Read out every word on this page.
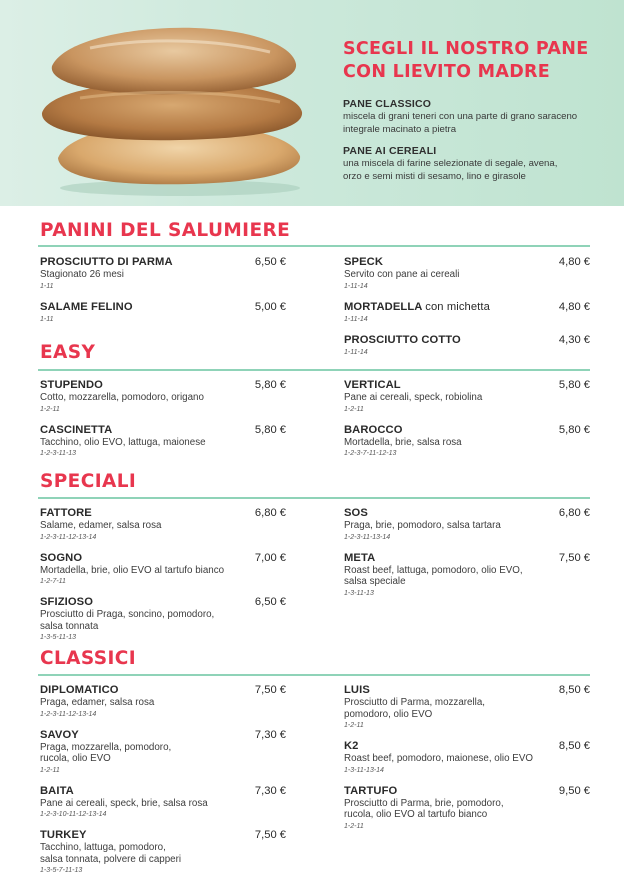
SCEGLI IL NOSTRO PANE
CON LIEVITO MADRE
PANE CLASSICO
miscela di grani teneri con una parte di grano saraceno
integrale macinato a pietra
PANE AI CEREALI
una miscela di farine selezionate di segale, avena,
orzo e semi misti di sesamo, lino e girasole
PANINI DEL SALUMIERE
PROSCIUTTO DI PARMA	6,50 €
Stagionato 26 mesi
1-11
SALAME FELINO	5,00 €
1-11
SPECK	4,80 €
Servito con pane ai cereali
1-11-14
MORTADELLA con michetta	4,80 €
1-11-14
PROSCIUTTO COTTO	4,30 €
1-11-14
EASY
STUPENDO	5,80 €
Cotto, mozzarella, pomodoro, origano
1-2-11
CASCINETTA	5,80 €
Tacchino, olio EVO, lattuga, maionese
1-2-3-11-13
VERTICAL	5,80 €
Pane ai cereali, speck, robiolina
1-2-11
BAROCCO	5,80 €
Mortadella, brie, salsa rosa
1-2-3-7-11-12-13
SPECIALI
FATTORE	6,80 €
Salame, edamer, salsa rosa
1-2-3-11-12-13-14
SOGNO	7,00 €
Mortadella, brie, olio EVO al tartufo bianco
1-2-7-11
SFIZIOSO	6,50 €
Prosciutto di Praga, soncino, pomodoro,
salsa tonnata
1-3-5-11-13
SOS	6,80 €
Praga, brie, pomodoro, salsa tartara
1-2-3-11-13-14
META	7,50 €
Roast beef, lattuga, pomodoro, olio EVO,
salsa speciale
1-3-11-13
CLASSICI
DIPLOMATICO	7,50 €
Praga, edamer, salsa rosa
1-2-3-11-12-13-14
SAVOY	7,30 €
Praga, mozzarella, pomodoro,
rucola, olio EVO
1-2-11
BAITA	7,30 €
Pane ai cereali, speck, brie, salsa rosa
1-2-3-10-11-12-13-14
TURKEY	7,50 €
Tacchino, lattuga, pomodoro,
salsa tonnata, polvere di capperi
1-3-5-7-11-13
LUIS	8,50 €
Prosciutto di Parma, mozzarella,
pomodoro, olio EVO
1-2-11
K2	8,50 €
Roast beef, pomodoro, maionese, olio EVO
1-3-11-13-14
TARTUFO	9,50 €
Prosciutto di Parma, brie, pomodoro,
rucola, olio EVO al tartufo bianco
1-2-11
